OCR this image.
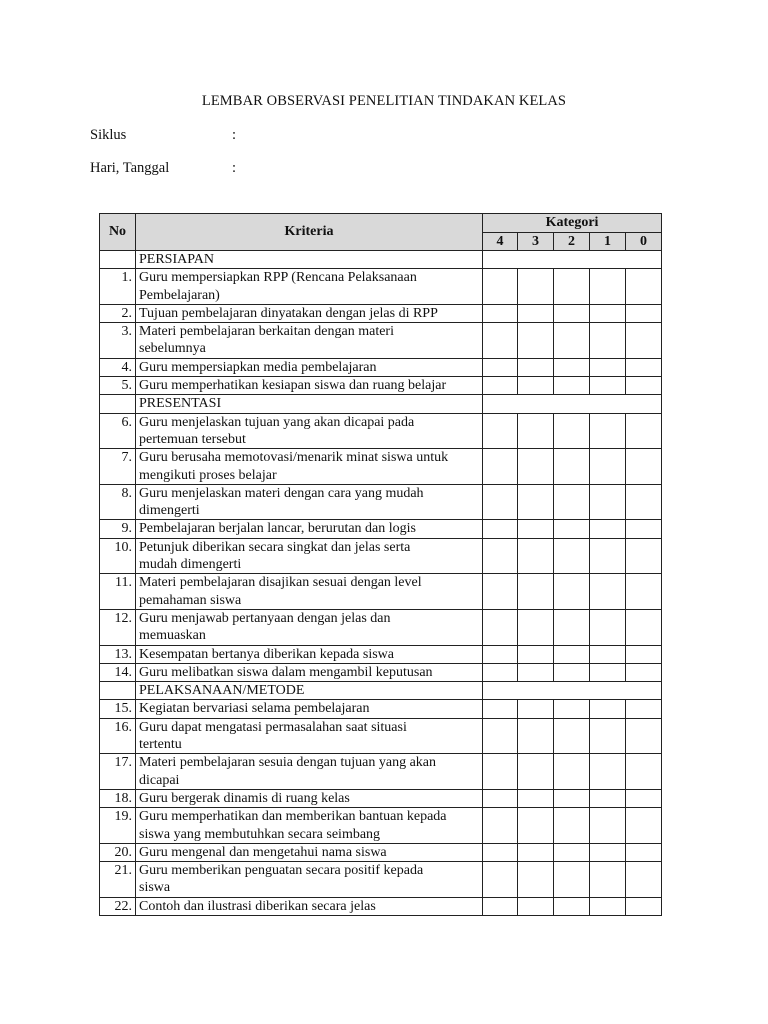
LEMBAR OBSERVASI PENELITIAN TINDAKAN KELAS
Siklus	:
Hari, Tanggal	:
No	Kriteria	Kategori				
		4	3	2	1	0
	PERSIAPAN					
1.	Guru mempersiapkan RPP (Rencana Pelaksanaan
Pembelajaran)					

2.	Tujuan pembelajaran dinyatakan dengan jelas di RPP					

3.	Materi pembelajaran berkaitan dengan materi
sebelumnya					

4.	Guru mempersiapkan media pembelajaran					

5.	Guru memperhatikan kesiapan siswa dan ruang belajar					

	PRESENTASI					
6.	Guru menjelaskan tujuan yang akan dicapai pada
pertemuan tersebut					

7.	Guru berusaha memotovasi/menarik minat siswa untuk
mengikuti proses belajar					

8.	Guru menjelaskan materi dengan cara yang mudah
dimengerti					

9.	Pembelajaran berjalan lancar, berurutan dan logis					

10.	Petunjuk diberikan secara singkat dan jelas serta
mudah dimengerti					

11.	Materi pembelajaran disajikan sesuai dengan level
pemahaman siswa					

12.	Guru menjawab pertanyaan dengan jelas dan
memuaskan					

13.	Kesempatan bertanya diberikan kepada siswa					

14.	Guru melibatkan siswa dalam mengambil keputusan					

	PELAKSANAAN/METODE					
15.	Kegiatan bervariasi selama pembelajaran					

16.	Guru dapat mengatasi permasalahan saat situasi
tertentu					

17.	Materi pembelajaran sesuia dengan tujuan yang akan
dicapai					

18.	Guru bergerak dinamis di ruang kelas					

19.	Guru memperhatikan dan memberikan bantuan kepada
siswa yang membutuhkan secara seimbang					

20.	Guru mengenal dan mengetahui nama siswa					

21.	Guru memberikan penguatan secara positif kepada
siswa					

22.	Contoh dan ilustrasi diberikan secara jelas					
